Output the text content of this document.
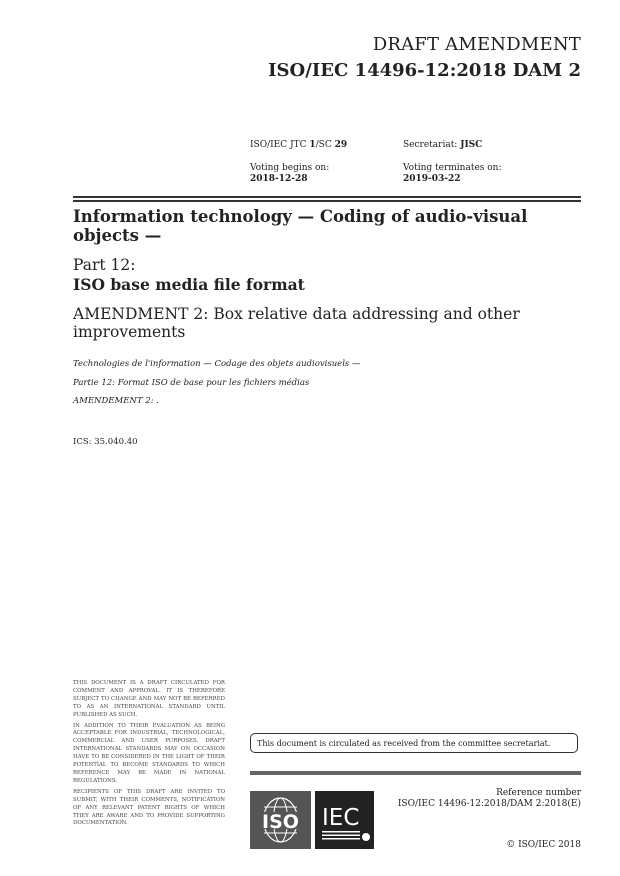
DRAFT AMENDMENT
ISO/IEC 14496-12:2018 DAM 2
ISO/IEC JTC 1/SC 29	Secretariat: JISC
Voting begins on:
2018-12-28
Voting terminates on:
2019-03-22
Information technology — Coding of audio-visual objects —
Part 12:
ISO base media file format
AMENDMENT 2: Box relative data addressing and other improvements
Technologies de l'information — Codage des objets audiovisuels —
Partie 12: Format ISO de base pour les fichiers médias
AMENDEMENT 2: .
ICS: 35.040.40

THIS DOCUMENT IS A DRAFT CIRCULATED FOR COMMENT AND APPROVAL. IT IS THEREFORE SUBJECT TO CHANGE AND MAY NOT BE REFERRED TO AS AN INTERNATIONAL STANDARD UNTIL PUBLISHED AS SUCH.

IN ADDITION TO THEIR EVALUATION AS BEING ACCEPTABLE FOR INDUSTRIAL, TECHNOLOGICAL, COMMERCIAL AND USER PURPOSES, DRAFT INTERNATIONAL STANDARDS MAY ON OCCASION HAVE TO BE CONSIDERED IN THE LIGHT OF THEIR POTENTIAL TO BECOME STANDARDS TO WHICH REFERENCE MAY BE MADE IN NATIONAL REGULATIONS.

RECIPIENTS OF THIS DRAFT ARE INVITED TO SUBMIT, WITH THEIR COMMENTS, NOTIFICATION OF ANY RELEVANT PATENT RIGHTS OF WHICH THEY ARE AWARE AND TO PROVIDE SUPPORTING DOCUMENTATION.

This document is circulated as received from the committee secretariat.
ISO IEC
Reference number
ISO/IEC 14496-12:2018/DAM 2:2018(E)
© ISO/IEC 2018
